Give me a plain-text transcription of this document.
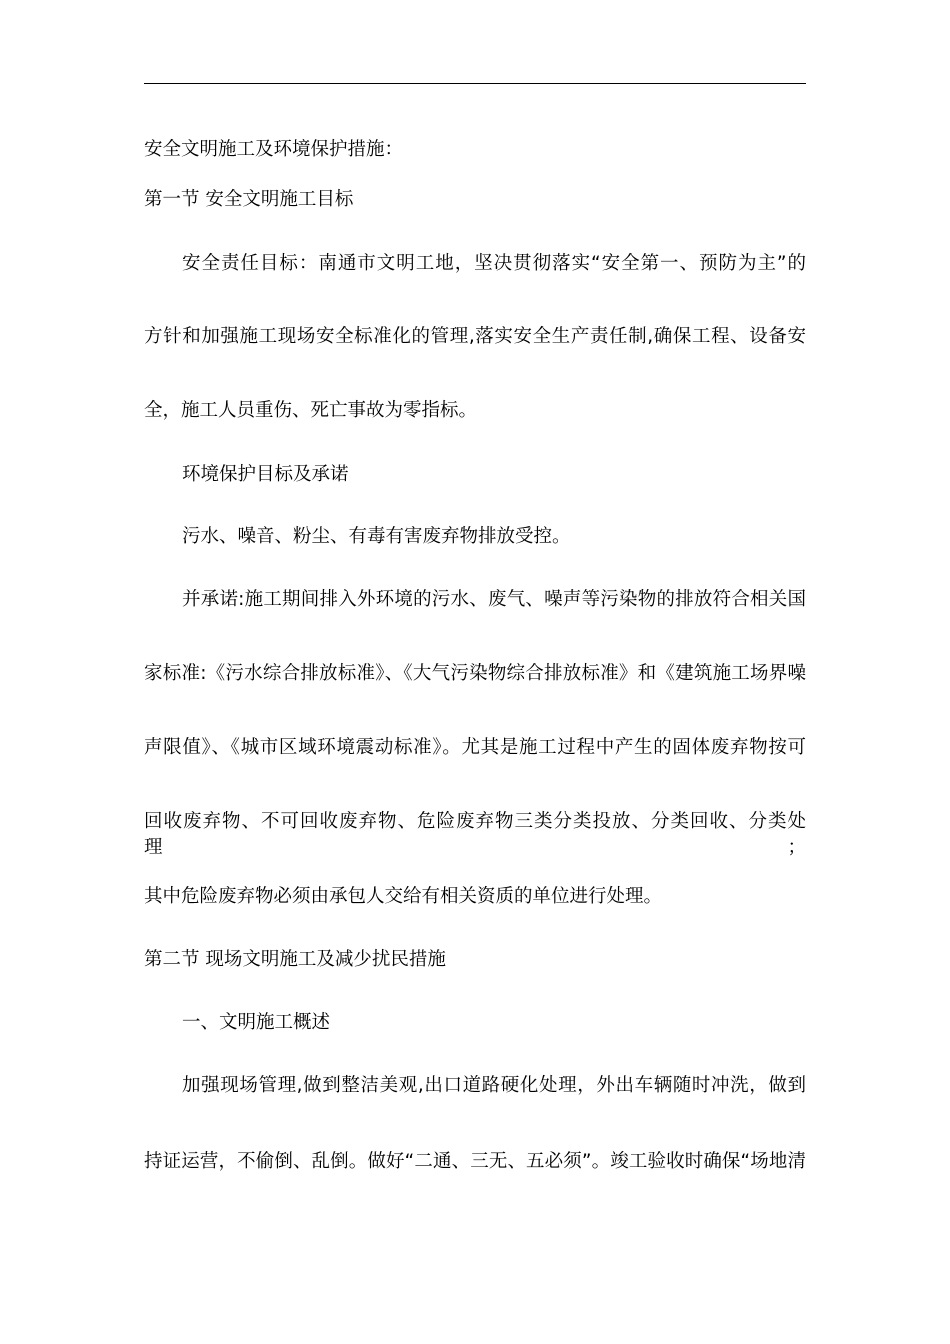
安全文明施工及环境保护措施：

第一节 安全文明施工目标

安全责任目标：南通市文明工地，坚决贯彻落实“安全第一、预防为主”的

方针和加强施工现场安全标准化的管理,落实安全生产责任制,确保工程、设备安

全，施工人员重伤、死亡事故为零指标。

环境保护目标及承诺

污水、噪音、粉尘、有毒有害废弃物排放受控。

并承诺:施工期间排入外环境的污水、废气、噪声等污染物的排放符合相关国

家标准:《污水综合排放标准》、《大气污染物综合排放标准》和《建筑施工场界噪

声限值》、《城市区域环境震动标准》。尤其是施工过程中产生的固体废弃物按可

回收废弃物、不可回收废弃物、危险废弃物三类分类投放、分类回收、分类处理；

其中危险废弃物必须由承包人交给有相关资质的单位进行处理。

第二节 现场文明施工及减少扰民措施

一、文明施工概述

加强现场管理,做到整洁美观,出口道路硬化处理，外出车辆随时冲洗，做到

持证运营，不偷倒、乱倒。做好“二通、三无、五必须”。竣工验收时确保“场地清
